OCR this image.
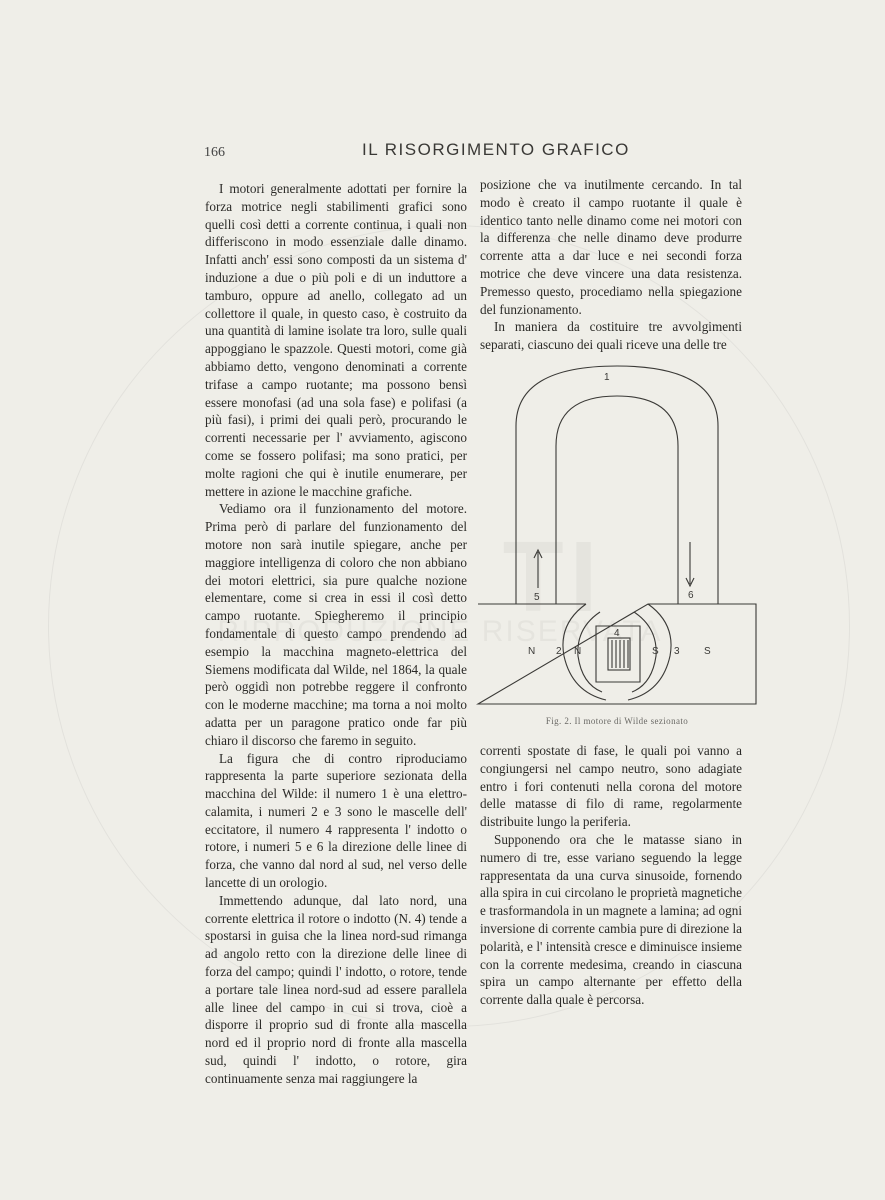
166	IL RISORGIMENTO GRAFICO

I motori generalmente adottati per fornire la forza motrice negli stabilimenti grafici sono quelli così detti a corrente continua, i quali non differiscono in modo essenziale dalle dinamo. Infatti anch' essi sono composti da un sistema d' induzione a due o più poli e di un induttore a tamburo, oppure ad anello, collegato ad un collettore il quale, in questo caso, è costruito da una quantità di lamine isolate tra loro, sulle quali appoggiano le spazzole. Questi motori, come già abbiamo detto, vengono denominati a corrente trifase a campo ruotante; ma possono bensì essere monofasi (ad una sola fase) e polifasi (a più fasi), i primi dei quali però, procurando le correnti necessarie per l' avviamento, agiscono come se fossero polifasi; ma sono pratici, per molte ragioni che qui è inutile enumerare, per mettere in azione le macchine grafiche.

Vediamo ora il funzionamento del motore. Prima però di parlare del funzionamento del motore non sarà inutile spiegare, anche per maggiore intelligenza di coloro che non abbiano dei motori elettrici, sia pure qualche nozione elementare, come si crea in essi il così detto campo ruotante. Spiegheremo il principio fondamentale di questo campo prendendo ad esempio la macchina magneto-elettrica del Siemens modificata dal Wilde, nel 1864, la quale però oggidì non potrebbe reggere il confronto con le moderne macchine; ma torna a noi molto adatta per un paragone pratico onde far più chiaro il discorso che faremo in seguito.

La figura che di contro riproduciamo rappresenta la parte superiore sezionata della macchina del Wilde: il numero 1 è una elettro-calamita, i numeri 2 e 3 sono le mascelle dell' eccitatore, il numero 4 rappresenta l' indotto o rotore, i numeri 5 e 6 la direzione delle linee di forza, che vanno dal nord al sud, nel verso delle lancette di un orologio.

Immettendo adunque, dal lato nord, una corrente elettrica il rotore o indotto (N. 4) tende a spostarsi in guisa che la linea nord-sud rimanga ad angolo retto con la direzione delle linee di forza del campo; quindi l' indotto, o rotore, tende a portare tale linea nord-sud ad essere parallela alle linee del campo in cui si trova, cioè a disporre il proprio sud di fronte alla mascella nord ed il proprio nord di fronte alla mascella sud, quindi l' indotto, o rotore, gira continuamente senza mai raggiungere la

posizione che va inutilmente cercando. In tal modo è creato il campo ruotante il quale è identico tanto nelle dinamo come nei motori con la differenza che nelle dinamo deve produrre corrente atta a dar luce e nei secondi forza motrice che deve vincere una data resistenza. Premesso questo, procediamo nella spiegazione del funzionamento.

In maniera da costituire tre avvolgimenti separati, ciascuno dei quali riceve una delle tre

1
5	6
N 2 N
4
S 3 S
Fig. 2. Il motore di Wilde sezionato

correnti spostate di fase, le quali poi vanno a congiungersi nel campo neutro, sono adagiate entro i fori contenuti nella corona del motore delle matasse di filo di rame, regolarmente distribuite lungo la periferia.

Supponendo ora che le matasse siano in numero di tre, esse variano seguendo la legge rappresentata da una curva sinusoide, fornendo alla spira in cui circolano le proprietà magnetiche e trasformandola in un magnete a lamina; ad ogni inversione di corrente cambia pure di direzione la polarità, e l' intensità cresce e diminuisce insieme con la corrente medesima, creando in ciascuna spira un campo alternante per effetto della corrente dalla quale è percorsa.
